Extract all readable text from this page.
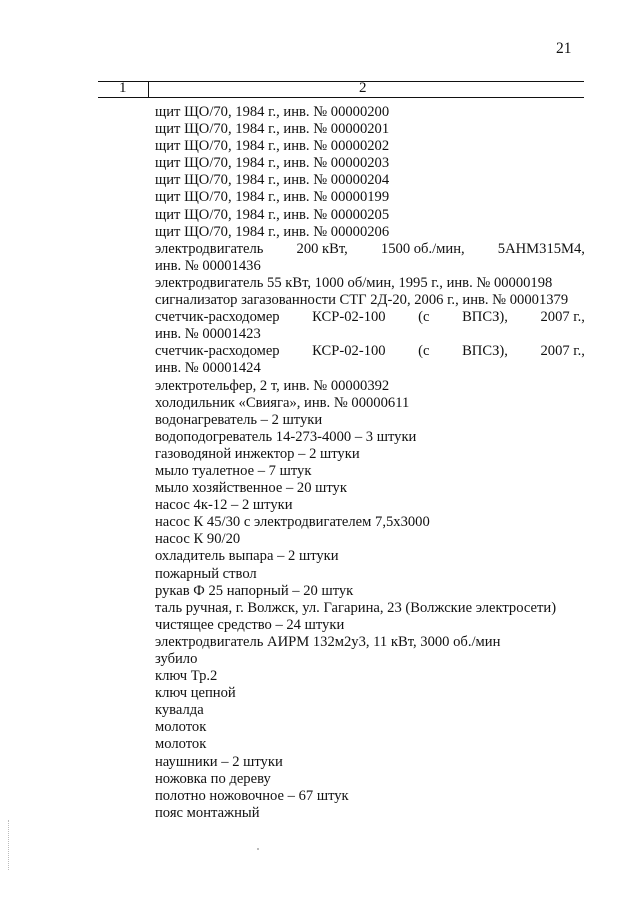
21
1	2
щит ЩО/70, 1984 г., инв. № 00000200
щит ЩО/70, 1984 г., инв. № 00000201
щит ЩО/70, 1984 г., инв. № 00000202
щит ЩО/70, 1984 г., инв. № 00000203
щит ЩО/70, 1984 г., инв. № 00000204
щит ЩО/70, 1984 г., инв. № 00000199
щит ЩО/70, 1984 г., инв. № 00000205
щит ЩО/70, 1984 г., инв. № 00000206
электродвигатель 200 кВт, 1500 об./мин, 5АНМ315М4,
инв. № 00001436
электродвигатель 55 кВт, 1000 об/мин, 1995 г., инв. № 00000198
сигнализатор загазованности СТГ 2Д-20, 2006 г., инв. № 00001379
счетчик-расходомер КСР-02-100 (с ВПСЗ), 2007 г.,
инв. № 00001423
счетчик-расходомер КСР-02-100 (с ВПСЗ), 2007 г.,
инв. № 00001424
электротельфер, 2 т, инв. № 00000392
холодильник «Свияга», инв. № 00000611
водонагреватель – 2 штуки
водоподогреватель 14-273-4000 – 3 штуки
газоводяной инжектор – 2 штуки
мыло туалетное – 7 штук
мыло хозяйственное – 20 штук
насос 4к-12 – 2 штуки
насос К 45/30 с электродвигателем 7,5х3000
насос К 90/20
охладитель выпара – 2 штуки
пожарный ствол
рукав Ф 25 напорный – 20 штук
таль ручная, г. Волжск, ул. Гагарина, 23 (Волжские электросети)
чистящее средство – 24 штуки
электродвигатель АИРМ 132м2у3, 11 кВт, 3000 об./мин
зубило
ключ Тр.2
ключ цепной
кувалда
молоток
молоток
наушники – 2 штуки
ножовка по дереву
полотно ножовочное – 67 штук
пояс монтажный
